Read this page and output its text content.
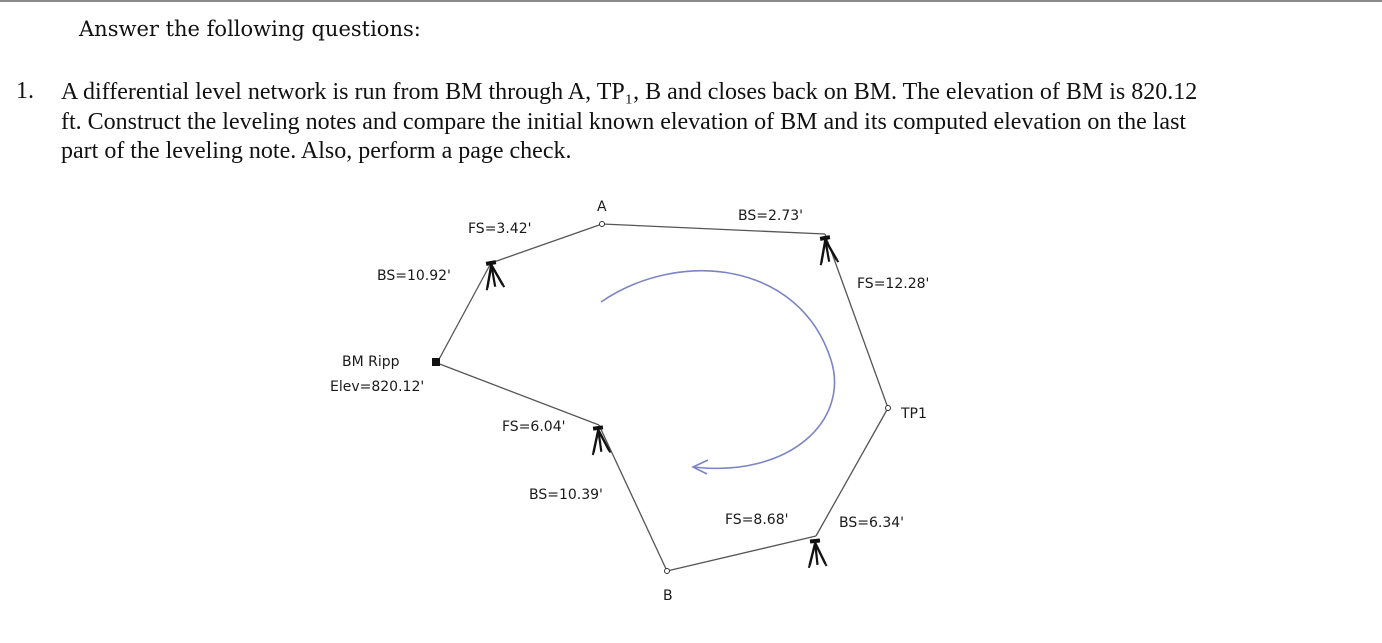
Answer the following questions:
1. A differential level network is run from BM through A, TP₁, B and closes back on BM. The elevation of BM is 820.12
ft. Construct the leveling notes and compare the initial known elevation of BM and its computed elevation on the last
part of the leveling note. Also, perform a page check.
A
FS=3.42'
BS=2.73'
BS=10.92'	FS=12.28'
BM Ripp
Elev=820.12'
TP1
FS=6.04'
BS=10.39'
FS=8.68'	BS=6.34'
B
